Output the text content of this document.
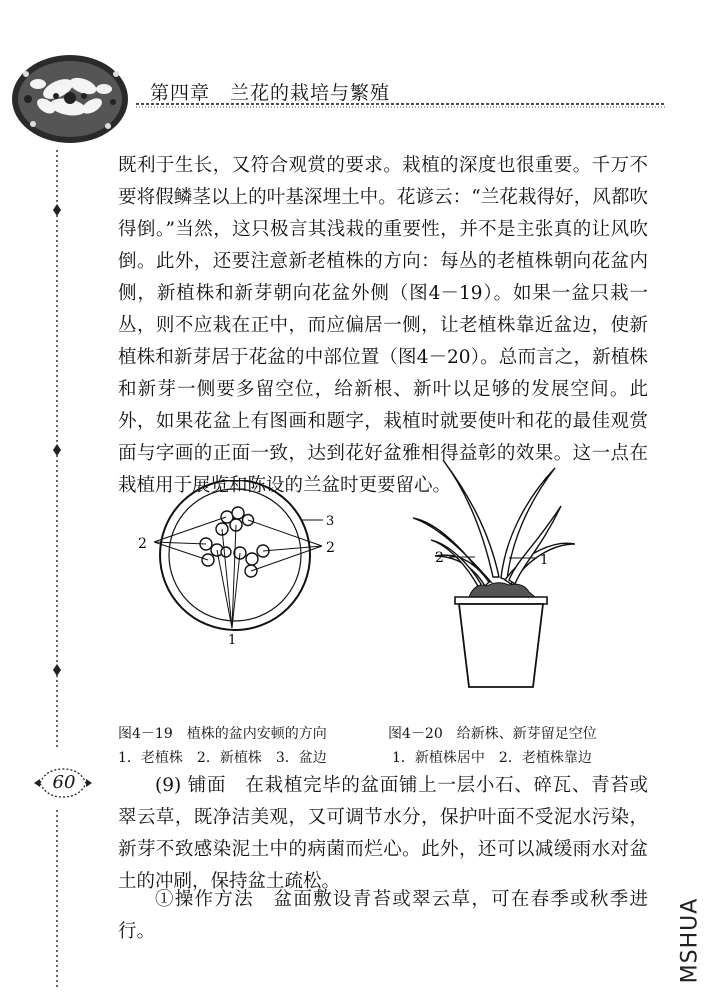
第四章　兰花的栽培与繁殖
60

既利于生长，又符合观赏的要求。栽植的深度也很重要。千万不要将假鳞茎以上的叶基深埋土中。花谚云：“兰花栽得好，风都吹得倒。”当然，这只极言其浅栽的重要性，并不是主张真的让风吹倒。此外，还要注意新老植株的方向：每丛的老植株朝向花盆内侧，新植株和新芽朝向花盆外侧（图4－19）。如果一盆只栽一丛，则不应栽在正中，而应偏居一侧，让老植株靠近盆边，使新植株和新芽居于花盆的中部位置（图4－20）。总而言之，新植株和新芽一侧要多留空位，给新根、新叶以足够的发展空间。此外，如果花盆上有图画和题字，栽植时就要使叶和花的最佳观赏面与字画的正面一致，达到花好盆雅相得益彰的效果。这一点在栽植用于展览和陈设的兰盆时更要留心。

2	2
3
1
2	1
图4－19　植株的盆内安顿的方向
1．老植株　2．新植株　3．盆边
图4－20　给新株、新芽留足空位
1．新植株居中　2．老植株靠边

(9) 铺面　在栽植完毕的盆面铺上一层小石、碎瓦、青苔或翠云草，既净洁美观，又可调节水分，保护叶面不受泥水污染，新芽不致感染泥土中的病菌而烂心。此外，还可以减缓雨水对盆土的冲刷，保持盆土疏松。

①操作方法　盆面敷设青苔或翠云草，可在春季或秋季进行。	MSHUA
